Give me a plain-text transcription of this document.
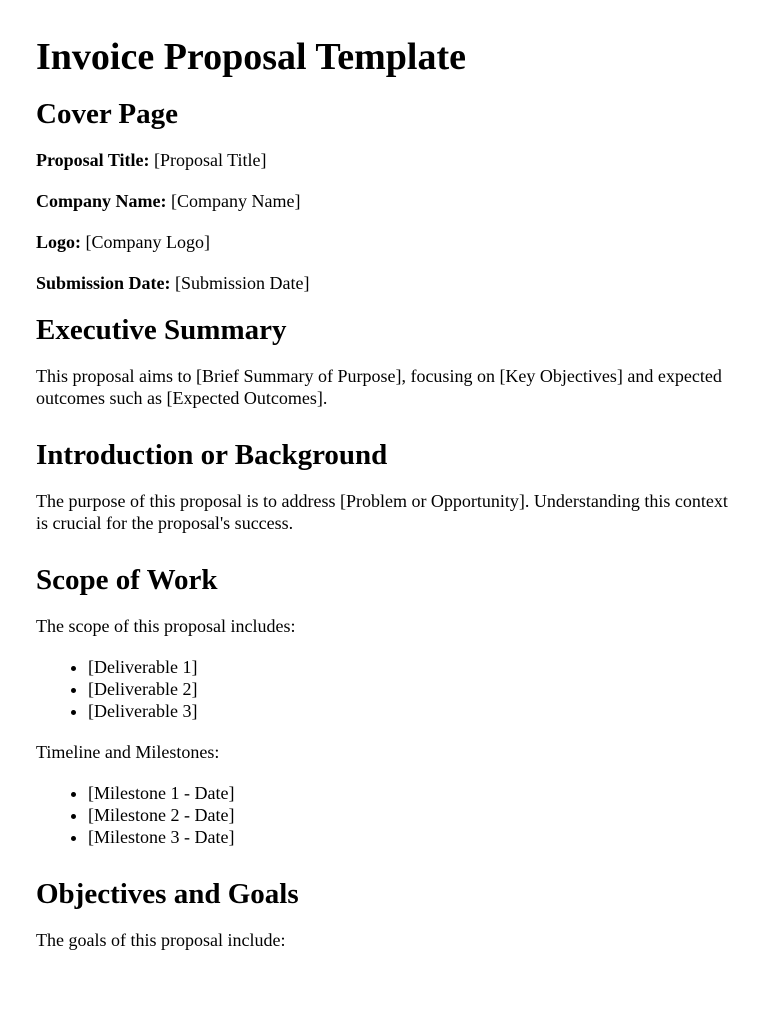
Invoice Proposal Template
Cover Page

Proposal Title: [Proposal Title]

Company Name: [Company Name]

Logo: [Company Logo]

Submission Date: [Submission Date]

Executive Summary

This proposal aims to [Brief Summary of Purpose], focusing on [Key Objectives] and expected outcomes such as [Expected Outcomes].

Introduction or Background

The purpose of this proposal is to address [Problem or Opportunity]. Understanding this context is crucial for the proposal's success.

Scope of Work

The scope of this proposal includes:

• [Deliverable 1]
• [Deliverable 2]
• [Deliverable 3]

Timeline and Milestones:

• [Milestone 1 - Date]
• [Milestone 2 - Date]
• [Milestone 3 - Date]
Objectives and Goals

The goals of this proposal include:
